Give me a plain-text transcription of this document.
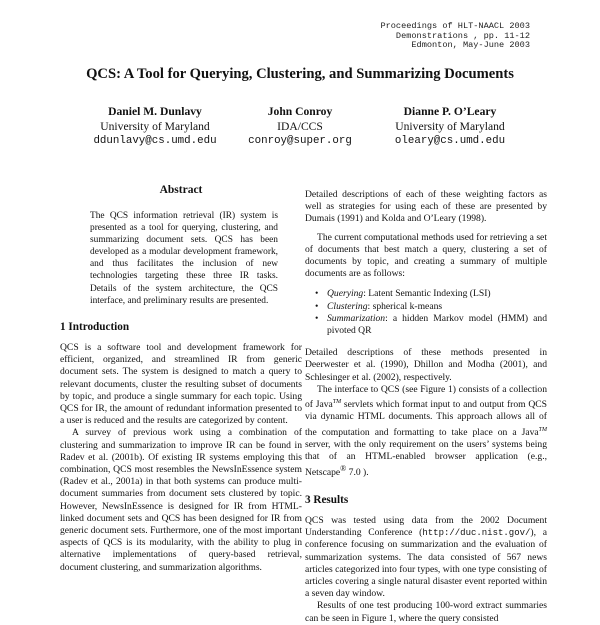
Proceedings of HLT-NAACL 2003
Demonstrations , pp. 11-12
Edmonton, May-June 2003
QCS: A Tool for Querying, Clustering, and Summarizing Documents
Daniel M. Dunlavy
University of Maryland
ddunlavy@cs.umd.edu
John Conroy
IDA/CCS
conroy@super.org
Dianne P. O’Leary
University of Maryland
oleary@cs.umd.edu
Abstract

The QCS information retrieval (IR) system is presented as a tool for querying, clustering, and summarizing document sets. QCS has been developed as a modular development framework, and thus facilitates the inclusion of new technologies targeting these three IR tasks. Details of the system architecture, the QCS interface, and preliminary results are presented.

1 Introduction

QCS is a software tool and development framework for efficient, organized, and streamlined IR from generic document sets. The system is designed to match a query to relevant documents, cluster the resulting subset of documents by topic, and produce a single summary for each topic. Using QCS for IR, the amount of redundant information presented to a user is reduced and the results are categorized by content.

A survey of previous work using a combination of clustering and summarization to improve IR can be found in Radev et al. (2001b). Of existing IR systems employing this combination, QCS most resembles the NewsInEssence system (Radev et al., 2001a) in that both systems can produce multi-document summaries from document sets clustered by topic. However, NewsInEssence is designed for IR from HTML-linked document sets and QCS has been designed for IR from generic document sets. Furthermore, one of the most important aspects of QCS is its modularity, with the ability to plug in alternative implementations of query-based retrieval, document clustering, and summarization algorithms.

Detailed descriptions of each of these weighting factors as well as strategies for using each of these are presented by Dumais (1991) and Kolda and O’Leary (1998).

The current computational methods used for retrieving a set of documents that best match a query, clustering a set of documents by topic, and creating a summary of multiple documents are as follows:

• Querying: Latent Semantic Indexing (LSI)
• Clustering: spherical k-means
• Summarization: a hidden Markov model (HMM) and pivoted QR

Detailed descriptions of these methods presented in Deerwester et al. (1990), Dhillon and Modha (2001), and Schlesinger et al. (2002), respectively.

The interface to QCS (see Figure 1) consists of a collection of Java™ servlets which format input to and output from QCS via dynamic HTML documents. This approach allows all of the computation and formatting to take place on a Java™ server, with the only requirement on the users’ systems being that of an HTML-enabled browser application (e.g., Netscape® 7.0 ).

3 Results

QCS was tested using data from the 2002 Document Understanding Conference (http://duc.nist.gov/), a conference focusing on summarization and the evaluation of summarization systems. The data consisted of 567 news articles categorized into four types, with one type consisting of articles covering a single natural disaster event reported within a seven day window.

Results of one test producing 100-word extract summaries can be seen in Figure 1, where the query consisted
